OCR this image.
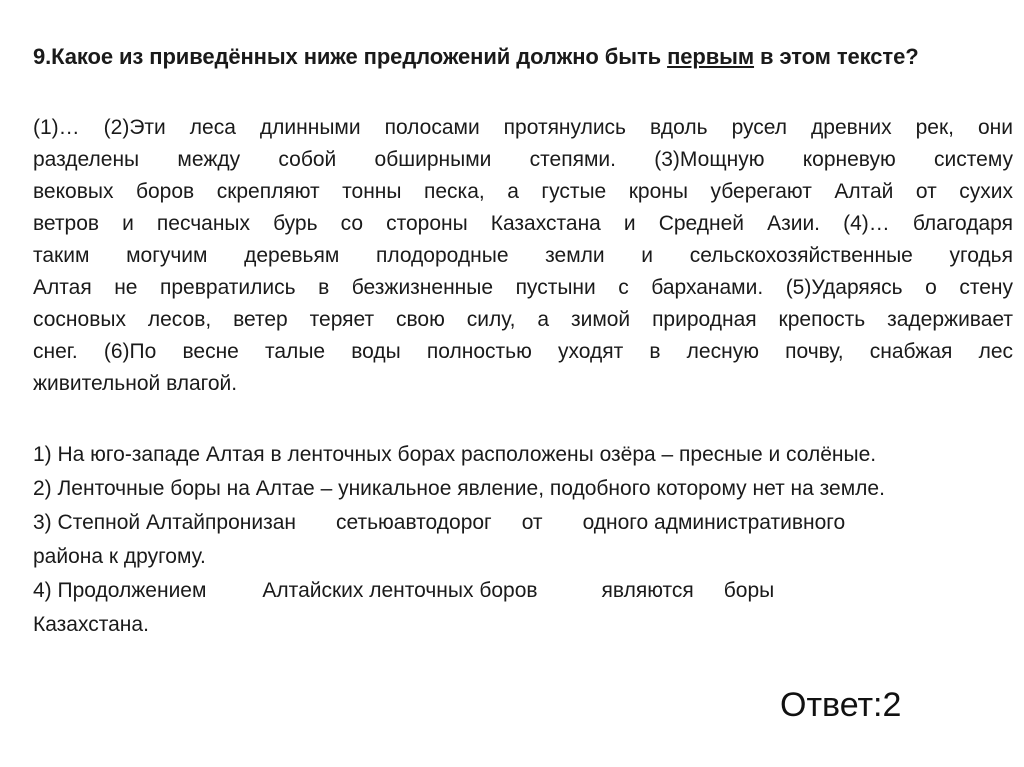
9.Какое из приведённых ниже предложений должно быть первым в этом тексте?

(1)… (2)Эти леса длинными полосами протянулись вдоль русел древних рек, они
разделены между собой обширными степями. (3)Мощную корневую систему
вековых боров скрепляют тонны песка, а густые кроны уберегают Алтай от сухих
ветров и песчаных бурь со стороны Казахстана и Средней Азии. (4)… благодаря
таким могучим деревьям плодородные земли и сельскохозяйственные угодья
Алтая не превратились в безжизненные пустыни с барханами. (5)Ударяясь о стену
сосновых лесов, ветер теряет свою силу, а зимой природная крепость задерживает
снег. (6)По весне талые воды полностью уходят в лесную почву, снабжая лес
живительной влагой.
1) На юго-западе Алтая в ленточных борах расположены озёра – пресные и солёные.
2) Ленточные боры на Алтае – уникальное явление, подобного которому нет на земле.
3) Степной Алтайпронизан сетьюавтодорог от одного административного
района к другому.
4) Продолжением	Алтайских ленточных боров	являются боры
Казахстана.

Ответ:2
